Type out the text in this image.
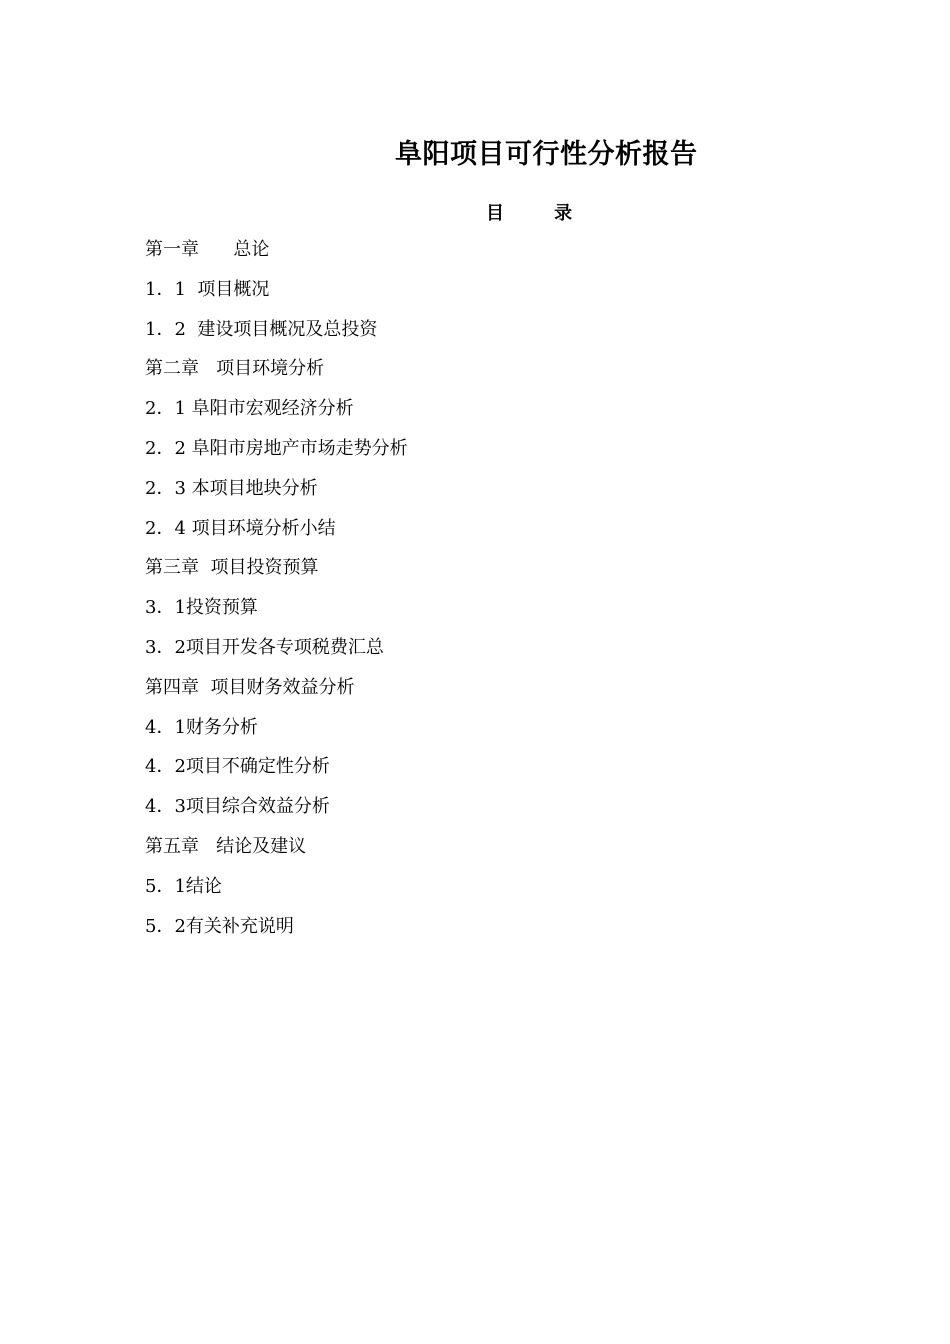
阜阳项目可行性分析报告
目        录
第一章      总论
1．1  项目概况
1．2  建设项目概况及总投资
第二章   项目环境分析
2．1 阜阳市宏观经济分析
2．2 阜阳市房地产市场走势分析
2．3 本项目地块分析
2．4 项目环境分析小结
第三章  项目投资预算
3．1投资预算
3．2项目开发各专项税费汇总
第四章  项目财务效益分析
4．1财务分析
4．2项目不确定性分析
4．3项目综合效益分析
第五章   结论及建议
5．1结论
5．2有关补充说明
